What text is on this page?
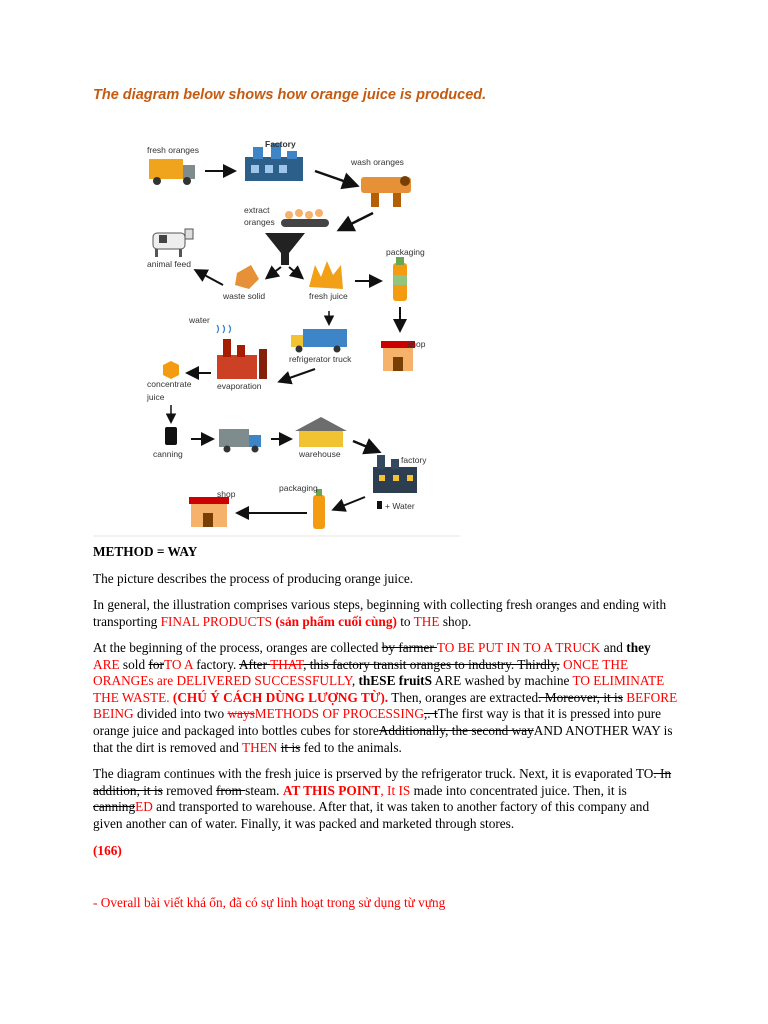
The diagram below shows how orange juice is produced.
fresh oranges
Factory
wash oranges
extract
oranges
animal feed
waste solid	fresh juice
packaging
water
refrigerator truck
shop
evaporation
concentrate
juice
canning	warehouse
factory
+ Water
packaging
shop
METHOD = WAY

The picture describes the process of producing orange juice.

In general, the illustration comprises various steps, beginning with collecting fresh oranges and ending with transporting FINAL PRODUCTS (sản phẩm cuối cùng) to THE shop.

At the beginning of the process, oranges are collected by farmer TO BE PUT IN TO A TRUCK and they ARE sold forTO A factory. After THAT, this factory transit oranges to industry. Thirdly, ONCE THE ORANGEs are DELIVERED SUCCESSFULLY, thESE fruitS ARE washed by machine TO ELIMINATE THE WASTE. (CHÚ Ý CÁCH DÙNG LƯỢNG TỪ). Then, oranges are extracted. Moreover, it is BEFORE BEING divided into two waysMETHODS OF PROCESSING,. tThe first way is that it is pressed into pure orange juice and packaged into bottles cubes for storeAdditionally, the second wayAND ANOTHER WAY is that the dirt is removed and THEN it is fed to the animals.

The diagram continues with the fresh juice is prserved by the refrigerator truck. Next, it is evaporated TO. In addition, it is removed from steam. AT THIS POINT, It IS made into concentrated juice. Then, it is canningED and transported to warehouse. After that, it was taken to another factory of this company and given another can of water. Finally, it was packed and marketed through stores.

(166)
- Overall bài viết khá ổn, đã có sự linh hoạt trong sử dụng từ vựng
